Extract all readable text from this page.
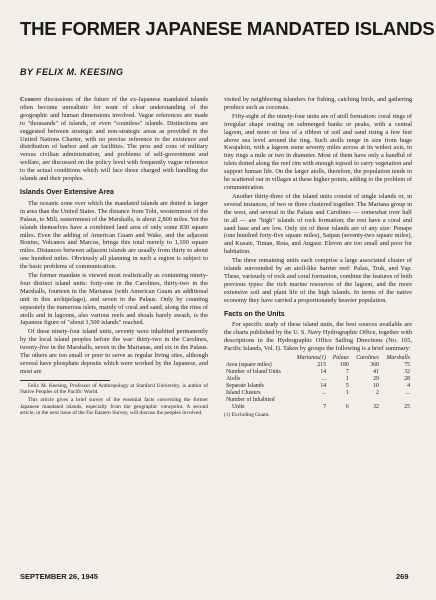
THE FORMER JAPANESE MANDATED ISLANDS
BY FELIX M. KEESING

Current discussions of the future of the ex-Japanese mandated islands often become unrealistic for want of clear understanding of the geographic and human dimensions involved. Vague references are made to "thousands" of islands, or even "countless" islands. Distinctions are suggested between strategic and non-strategic areas as provided in the United Nations Charter, with no precise reference to the existence and distribution of harbor and air facilities. The pros and cons of military versus civilian administration, and problems of self-government and welfare, are discussed on the policy level with frequently vague reference to the actual conditions which will face those charged with handling the islands and their peoples.

Islands Over Extensive Area

The oceanic zone over which the mandated islands are dotted is larger in area than the United States. The distance from Tobi, westernmost of the Palaus, to Mili, easternmost of the Marshalls, is about 2,800 miles. Yet the islands themselves have a combined land area of only some 830 square miles. Even the adding of American Guam and Wake, and the adjacent Bonins, Volcanos and Marcus, brings this total merely to 1,100 square miles. Distances between adjacent islands are usually from thirty to about one hundred miles. Obviously all planning in such a region is subject to the basic problems of communication.

The former mandate is viewed most realistically as containing ninety-four distinct island units: forty-one in the Carolines, thirty-two in the Marshalls, fourteen in the Marianas (with American Guam an additional unit in this archipelago), and seven in the Palaus. Only by counting separately the numerous islets, mainly of coral and sand, along the rims of atolls and in lagoons, also various reefs and shoals barely awash, is the Japanese figure of "about 1,500 islands" reached.

Of these ninety-four island units, seventy were inhabited permanently by the local island peoples before the war: thirty-two in the Carolines, twenty-five in the Marshalls, seven in the Marianas, and six in the Palaus. The others are too small or poor to serve as regular living sites, although several have phosphate deposits which were worked by the Japanese, and most are

Felix M. Keesing, Professor of Anthropology at Stanford University, is author of Native Peoples of the Pacific World.

This article gives a brief survey of the essential facts concerning the former Japanese mandated islands, especially from the geographic viewpoint. A second article, in the next issue of the Far Eastern Survey, will discuss the peoples involved.

visited by neighboring islanders for fishing, catching birds, and gathering produce such as coconuts.

Fifty-eight of the ninety-four units are of atoll formation: coral rings of irregular shape resting on submerged banks or peaks, with a central lagoon, and more or less of a ribbon of soil and sand rising a few feet above sea level around the ring. Such atolls range in size from huge Kwajalein, with a lagoon some seventy miles across at its widest axis, to tiny rings a mile or two in diameter. Most of them have only a handful of islets dotted along the reef rim with enough topsoil to carry vegetation and support human life. On the larger atolls, therefore, the population tends to be scattered out in villages at these higher points, adding to the problem of communication.

Another thirty-three of the island units consist of single islands or, in several instances, of two or three clustered together. The Mariana group in the west, and several in the Palaus and Carolines — somewhat over half in all — are "high" islands of rock formation; the rest have a coral and sand base and are low. Only six of these islands are of any size: Ponape (one hundred forty-five square miles), Saipan (seventy-two square miles), and Kusaie, Tinian, Rota, and Angaur. Eleven are too small and poor for habitation.

The three remaining units each comprise a large associated cluster of islands surrounded by an atoll-like barrier reef: Palau, Truk, and Yap. These, variously of rock and coral formation, combine the features of both previous types: the rich marine resources of the lagoon, and the more extensive soil and plant life of the high islands. In terms of the native economy they have carried a proportionately heavier population.

Facts on the Units

For specific study of these island units, the best sources available are the charts published by the U. S. Navy Hydrographic Office, together with descriptions in the Hydrographic Office Sailing Directions (No. 165, Pacific Islands, Vol. I). Taken by groups the following is a brief summary:

	Marianas(1)	Palaus	Carolines	Marshalls
Area (square miles)	215	180	360	75
Number of Island Units	14	7	41	32
Atolls	...	1	29	28
Separate Islands	14	5	10	4
Island Clusters	...	1	2	...
Number of Inhabited				
Units	7	6	32	25
(1) Excluding Guam.
SEPTEMBER 26, 1945	269
